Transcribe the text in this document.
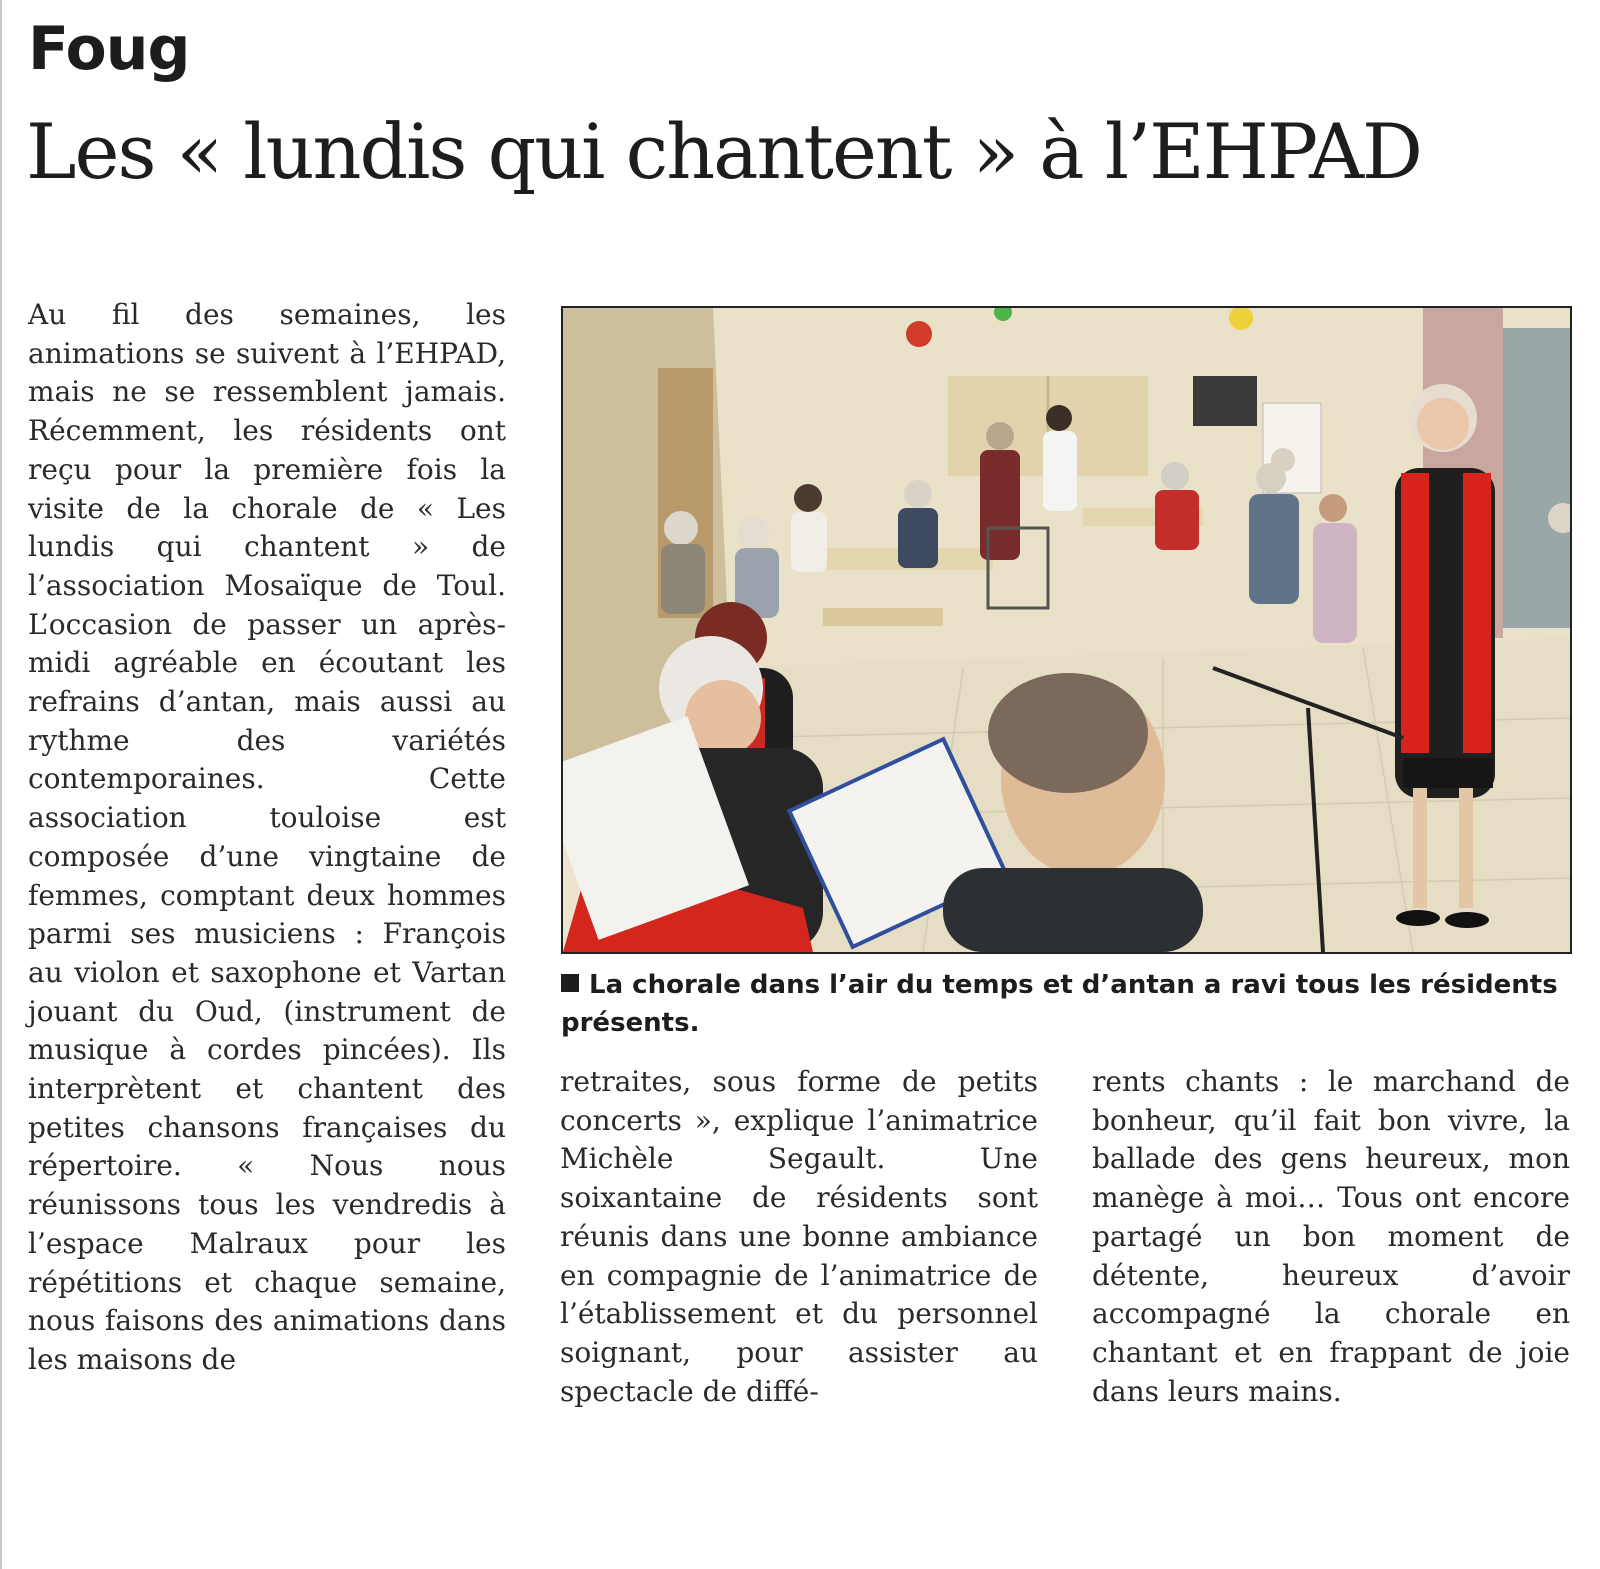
Foug
Les « lundis qui chantent » à l’EHPAD
Au fil des semaines, les animations se suivent à l’EHPAD, mais ne se ressemblent jamais. Récemment, les résidents ont reçu pour la première fois la visite de la chorale de « Les lundis qui chantent » de l’association Mosaïque de Toul. L’occasion de passer un après-midi agréable en écoutant les refrains d’antan, mais aussi au rythme des variétés contemporaines. Cette association touloise est composée d’une vingtaine de femmes, comptant deux hommes parmi ses musiciens : François au violon et saxophone et Vartan jouant du Oud, (instrument de musique à cordes pincées). Ils interprètent et chantent des petites chansons françaises du répertoire. « Nous nous réunissons tous les vendredis à l’espace Malraux pour les répétitions et chaque semaine, nous faisons des animations dans les maisons de
La chorale dans l’air du temps et d’antan a ravi tous les résidents présents.
retraites, sous forme de petits concerts », explique l’animatrice Michèle Segault. Une soixantaine de résidents sont réunis dans une bonne ambiance en compagnie de l’animatrice de l’établissement et du personnel soignant, pour assister au spectacle de diffé-
rents chants : le marchand de bonheur, qu’il fait bon vivre, la ballade des gens heureux, mon manège à moi… Tous ont encore partagé un bon moment de détente, heureux d’avoir accompagné la chorale en chantant et en frappant de joie dans leurs mains.
